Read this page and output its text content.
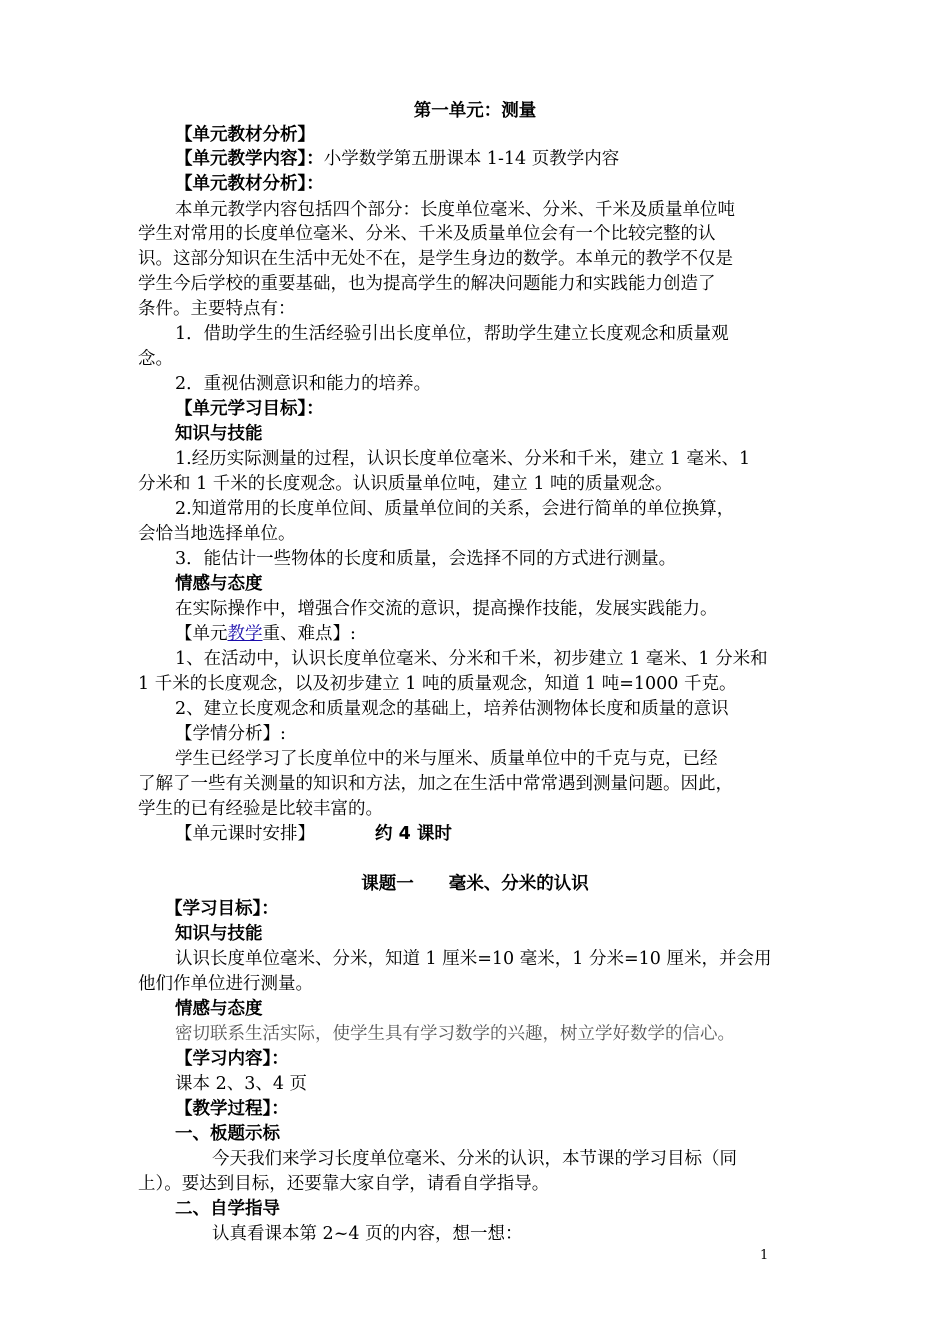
第一单元：测量
【单元教材分析】
【单元教学内容】：小学数学第五册课本 1-14 页教学内容
【单元教材分析】：
本单元教学内容包括四个部分：长度单位毫米、分米、千米及质量单位吨
学生对常用的长度单位毫米、分米、千米及质量单位会有一个比较完整的认
识。这部分知识在生活中无处不在，是学生身边的数学。本单元的教学不仅是
学生今后学校的重要基础，也为提高学生的解决问题能力和实践能力创造了
条件。主要特点有：
1．借助学生的生活经验引出长度单位，帮助学生建立长度观念和质量观
念。
2．重视估测意识和能力的培养。
【单元学习目标】：
知识与技能
1.经历实际测量的过程，认识长度单位毫米、分米和千米，建立 1 毫米、1
分米和 1 千米的长度观念。认识质量单位吨，建立 1 吨的质量观念。
2.知道常用的长度单位间、质量单位间的关系，会进行简单的单位换算，
会恰当地选择单位。
3．能估计一些物体的长度和质量，会选择不同的方式进行测量。
情感与态度
在实际操作中，增强合作交流的意识，提高操作技能，发展实践能力。
【单元教学重、难点】:
1、在活动中，认识长度单位毫米、分米和千米，初步建立 1 毫米、1 分米和
1 千米的长度观念，以及初步建立 1 吨的质量观念，知道 1 吨=1000 千克。
2、建立长度观念和质量观念的基础上，培养估测物体长度和质量的意识
【学情分析】:
学生已经学习了长度单位中的米与厘米、质量单位中的千克与克，已经
了解了一些有关测量的知识和方法，加之在生活中常常遇到测量问题。因此，
学生的已有经验是比较丰富的。
【单元课时安排】	约 4 课时
课题一　　毫米、分米的认识
【学习目标】：
知识与技能
认识长度单位毫米、分米，知道 1 厘米=10 毫米，1 分米=10 厘米，并会用
他们作单位进行测量。
情感与态度
密切联系生活实际，使学生具有学习数学的兴趣，树立学好数学的信心。
【学习内容】：
课本 2、3、4 页
【教学过程】：
一、板题示标
今天我们来学习长度单位毫米、分米的认识，本节课的学习目标（同
上）。要达到目标，还要靠大家自学，请看自学指导。
二、自学指导
认真看课本第 2~4 页的内容，想一想：
1
